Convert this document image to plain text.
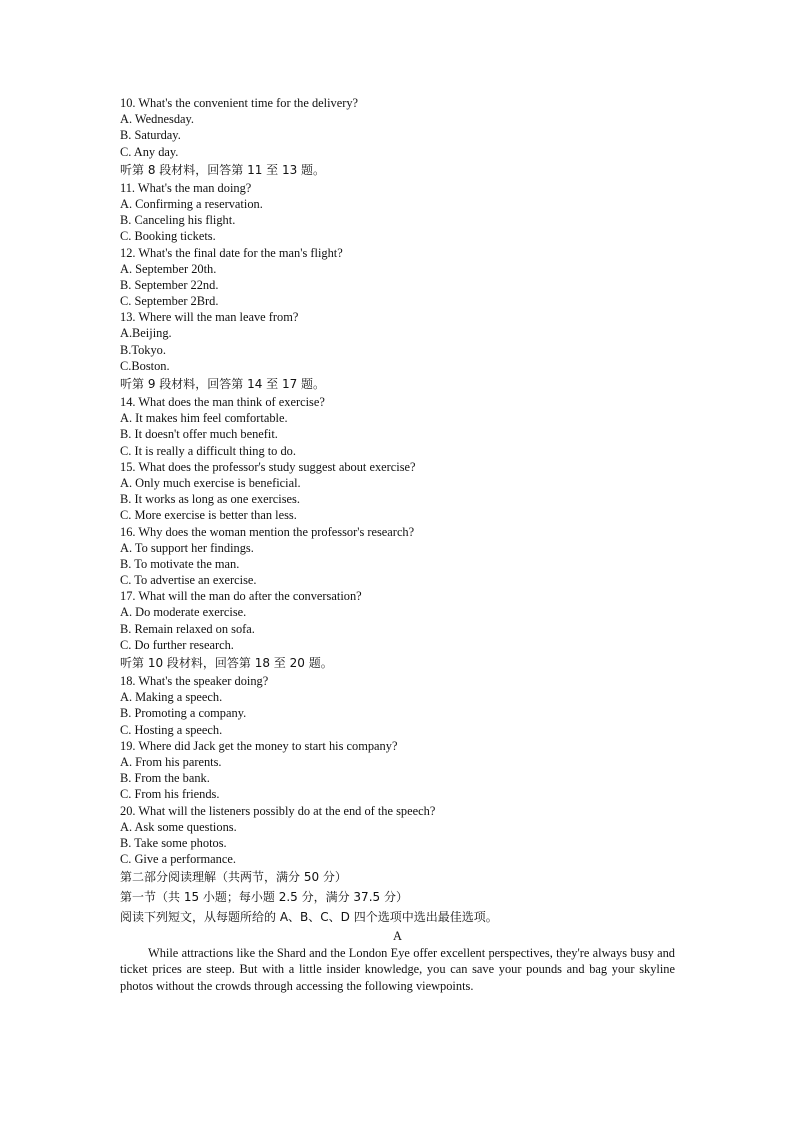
10. What's the convenient time for the delivery?
A. Wednesday.
B. Saturday.
C. Any day.
听第 8 段材料，回答第 11 至 13 题。
11. What's the man doing?
A. Confirming a reservation.
B. Canceling his flight.
C. Booking tickets.
12. What's the final date for the man's flight?
A. September 20th.
B. September 22nd.
C. September 2Brd.
13. Where will the man leave from?
A.Beijing.
B.Tokyo.
C.Boston.
听第 9 段材料，回答第 14 至 17 题。
14. What does the man think of exercise?
A. It makes him feel comfortable.
B. It doesn't offer much benefit.
C. It is really a difficult thing to do.
15. What does the professor's study suggest about exercise?
A. Only much exercise is beneficial.
B. It works as long as one exercises.
C. More exercise is better than less.
16. Why does the woman mention the professor's research?
A. To support her findings.
B. To motivate the man.
C. To advertise an exercise.
17. What will the man do after the conversation?
A. Do moderate exercise.
B. Remain relaxed on sofa.
C. Do further research.
听第 10 段材料，回答第 18 至 20 题。
18. What's the speaker doing?
A. Making a speech.
B. Promoting a company.
C. Hosting a speech.
19. Where did Jack get the money to start his company?
A. From his parents.
B. From the bank.
C. From his friends.
20. What will the listeners possibly do at the end of the speech?
A. Ask some questions.
B. Take some photos.
C. Give a performance.
第二部分阅读理解（共两节，满分 50 分）
第一节（共 15 小题；每小题 2.5 分，满分 37.5 分）
阅读下列短文，从每题所给的 A、B、C、D 四个选项中选出最佳选项。
A

While attractions like the Shard and the London Eye offer excellent perspectives, they're always busy and ticket prices are steep. But with a little insider knowledge, you can save your pounds and bag your skyline photos without the crowds through accessing the following viewpoints.
